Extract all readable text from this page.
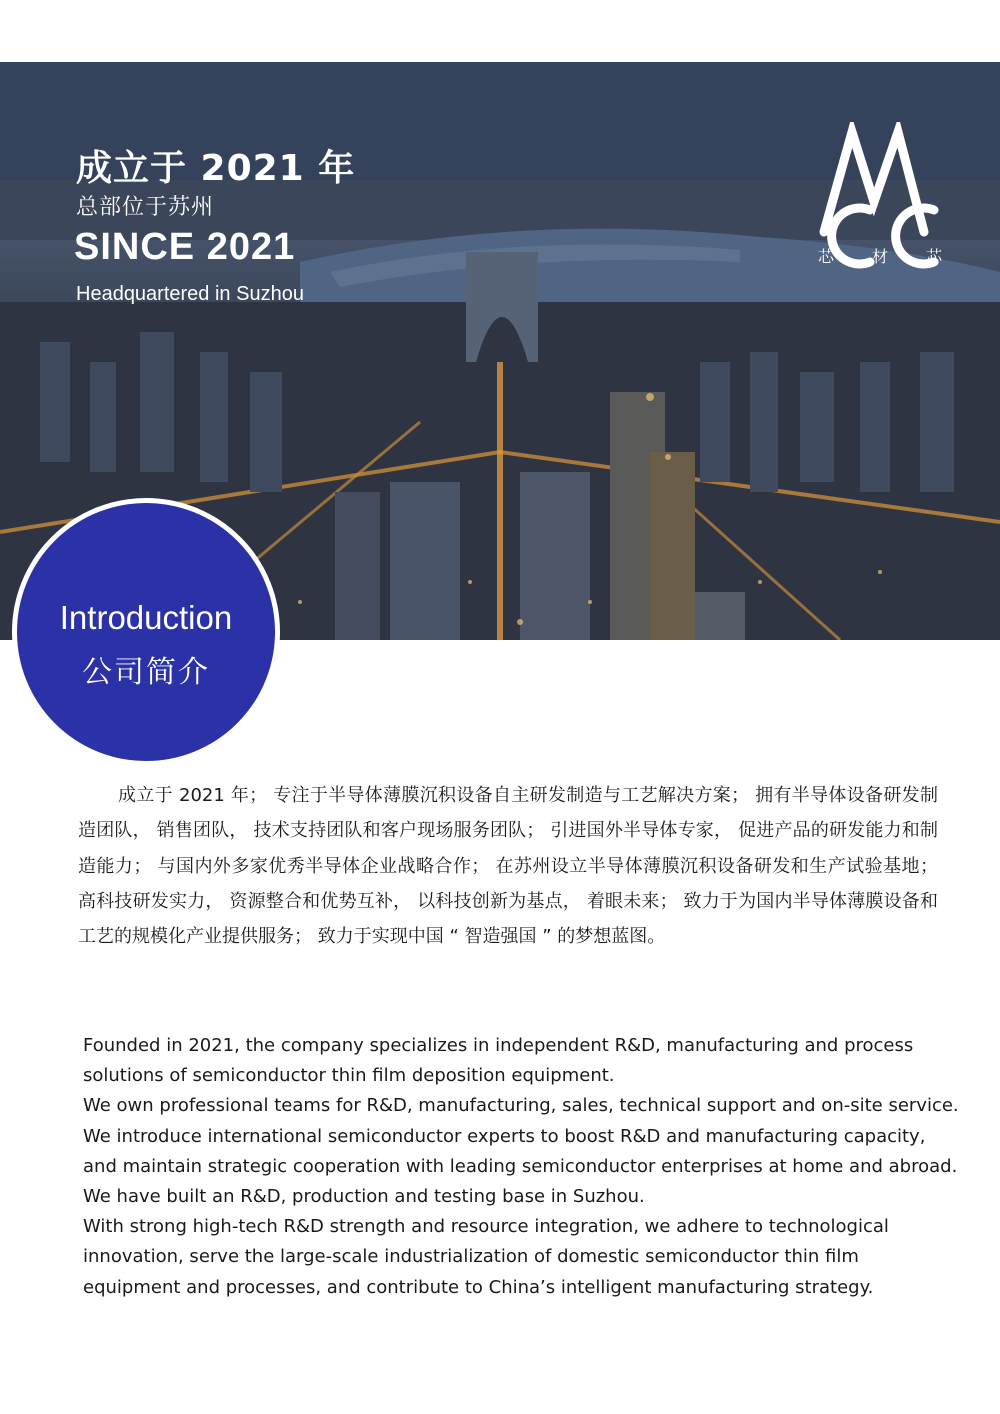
成立于 2021 年
总部位于苏州
SINCE 2021
Headquartered in Suzhou
芯 材 芯
Introduction
公司简介

成立于 2021 年； 专注于半导体薄膜沉积设备自主研发制造与工艺解决方案； 拥有半导体设备研发制造团队， 销售团队， 技术支持团队和客户现场服务团队； 引进国外半导体专家， 促进产品的研发能力和制造能力； 与国内外多家优秀半导体企业战略合作； 在苏州设立半导体薄膜沉积设备研发和生产试验基地； 高科技研发实力， 资源整合和优势互补， 以科技创新为基点， 着眼未来； 致力于为国内半导体薄膜设备和工艺的规模化产业提供服务； 致力于实现中国 “ 智造强国 ” 的梦想蓝图。

Founded in 2021, the company specializes in independent R&D, manufacturing and process
solutions of semiconductor thin film deposition equipment.
We own professional teams for R&D, manufacturing, sales, technical support and on-site service.
We introduce international semiconductor experts to boost R&D and manufacturing capacity,
and maintain strategic cooperation with leading semiconductor enterprises at home and abroad.
We have built an R&D, production and testing base in Suzhou.
With strong high-tech R&D strength and resource integration, we adhere to technological
innovation, serve the large-scale industrialization of domestic semiconductor thin film
equipment and processes, and contribute to China’s intelligent manufacturing strategy.
